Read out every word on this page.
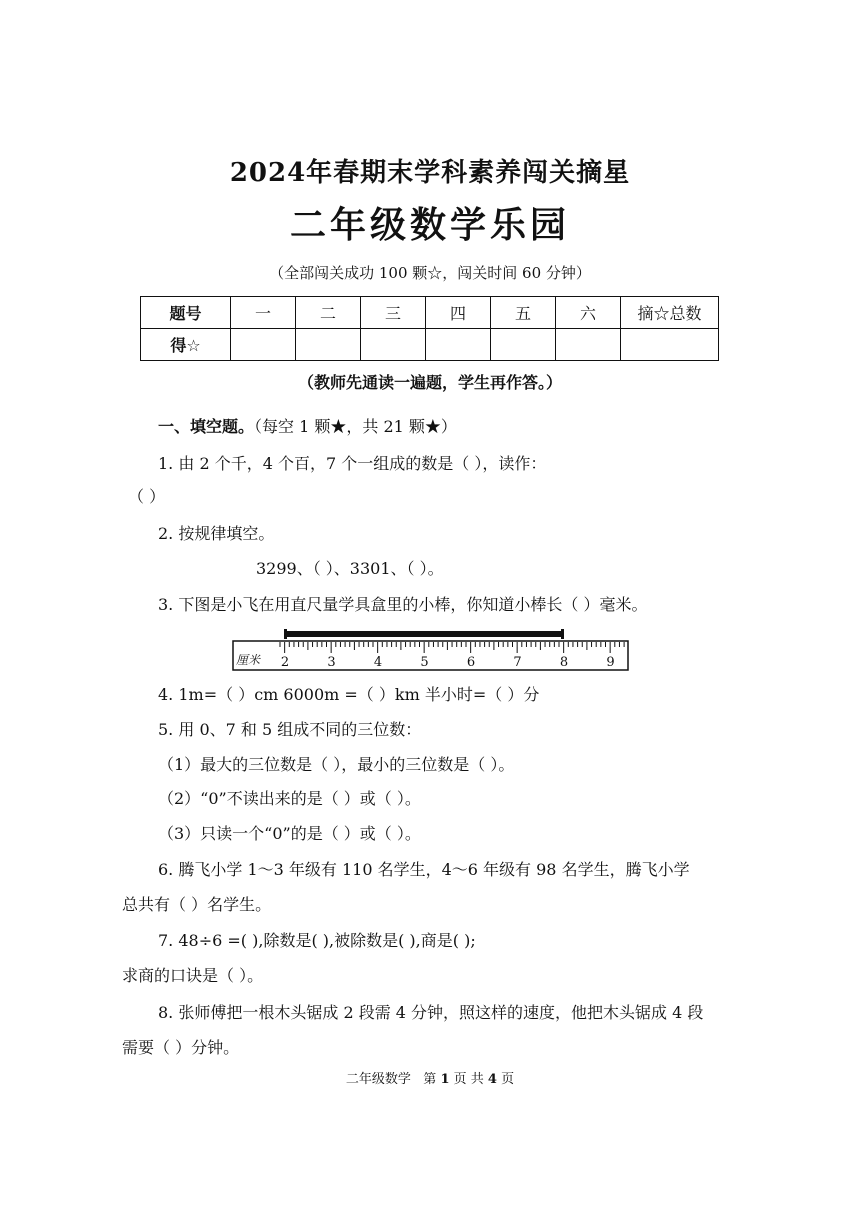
2024年春期末学科素养闯关摘星
二年级数学乐园
（全部闯关成功 100 颗☆，闯关时间 60 分钟）
题号	一	二	三	四	五	六	摘☆总数
得☆							
（教师先通读一遍题，学生再作答。）
一、填空题。（每空 1 颗★，共 21 颗★）
1. 由 2 个千，4 个百，7 个一组成的数是（ ），读作：
（ ）
2. 按规律填空。
3299、（ ）、3301、（ ）。
3. 下图是小飞在用直尺量学具盒里的小棒，你知道小棒长（ ）毫米。
厘米 2	3	4	5	6	7	8	9
4. 1m=（ ）cm 6000m =（ ）km 半小时=（ ）分
5. 用 0、7 和 5 组成不同的三位数：
（1）最大的三位数是（ ），最小的三位数是（ ）。
（2）“0”不读出来的是（ ）或（ ）。
（3）只读一个“0”的是（ ）或（ ）。
6. 腾飞小学 1～3 年级有 110 名学生，4～6 年级有 98 名学生，腾飞小学
总共有（ ）名学生。
7. 48÷6 =( ),除数是( ),被除数是( ),商是( );
求商的口诀是（ ）。
8. 张师傅把一根木头锯成 2 段需 4 分钟，照这样的速度，他把木头锯成 4 段
需要（ ）分钟。
二年级数学 第 1 页 共 4 页
